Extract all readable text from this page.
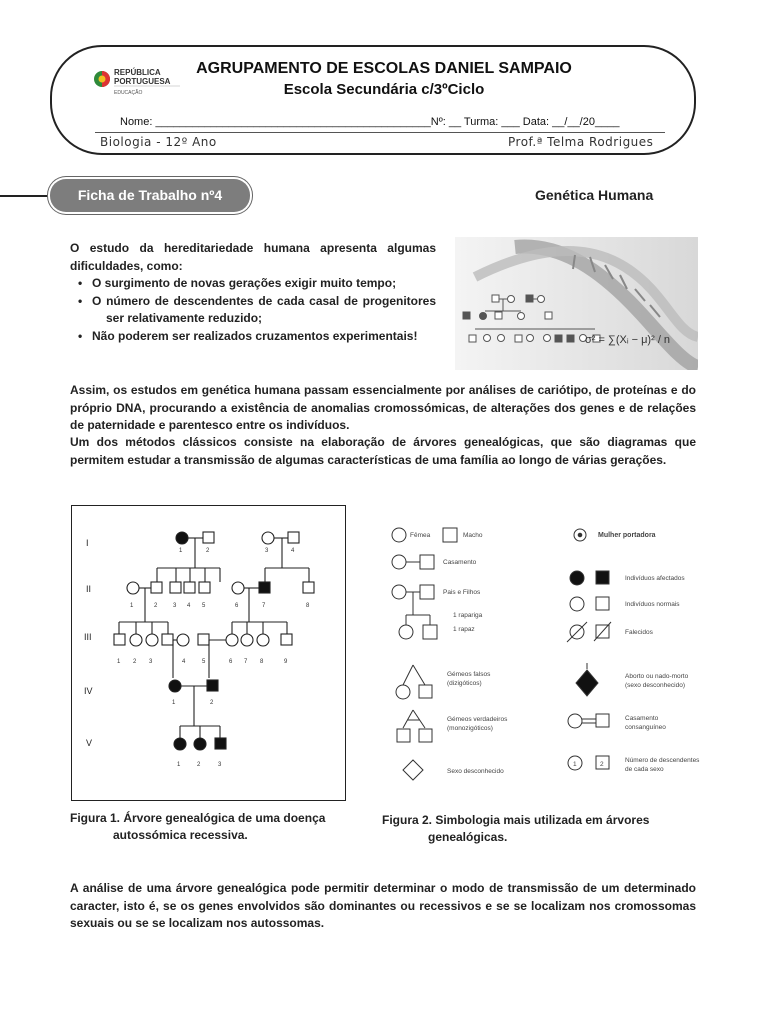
REPÚBLICA
PORTUGUESA
EDUCAÇÃO
AGRUPAMENTO DE ESCOLAS DANIEL SAMPAIO
Escola Secundária c/3ºCiclo
Nome: _____________________________________________Nº: __ Turma: ___ Data: __/__/20____
Biologia - 12º Ano	Prof.ª Telma Rodrigues
Ficha de Trabalho nº4	Genética Humana
O estudo da hereditariedade humana apresenta algumas dificuldades, como:
• O surgimento de novas gerações exigir muito tempo;
• O número de descendentes de cada casal de progenitores ser relativamente reduzido;
• Não poderem ser realizados cruzamentos experimentais!	σ² = ∑(Xᵢ − μ)² / n
Assim, os estudos em genética humana passam essencialmente por análises de cariótipo, de proteínas e do próprio DNA, procurando a existência de anomalias cromossómicas, de alterações dos genes e de relações de paternidade e parentesco entre os indivíduos.
Um dos métodos clássicos consiste na elaboração de árvores genealógicas, que são diagramas que permitem estudar a transmissão de algumas características de uma família ao longo de várias gerações.
I
II
III
IV
V
1	2	3	4
1	2	3 4 5	6	7	8
1 2 3	4	5	6 7 8	9
1	2
1	2	3
Figura 1. Árvore genealógica de uma doença
autossómica recessiva.
Fêmea	Macho	Mulher portadora
Casamento
Pais e Filhos
1 rapariga
1 rapaz
Indivíduos afectados
Indivíduos normais
Falecidos
Gémeos falsos
(dizigóticos)
Aborto ou nado-morto
(sexo desconhecido)
Gémeos verdadeiros
(monozigóticos)
Casamento
consanguíneo
Sexo desconhecido
Número de descendentes
de cada sexo
1	2
Figura 2. Simbologia mais utilizada em árvores
genealógicas.
A análise de uma árvore genealógica pode permitir determinar o modo de transmissão de um determinado caracter, isto é, se os genes envolvidos são dominantes ou recessivos e se se localizam nos cromossomas sexuais ou se se localizam nos autossomas.
